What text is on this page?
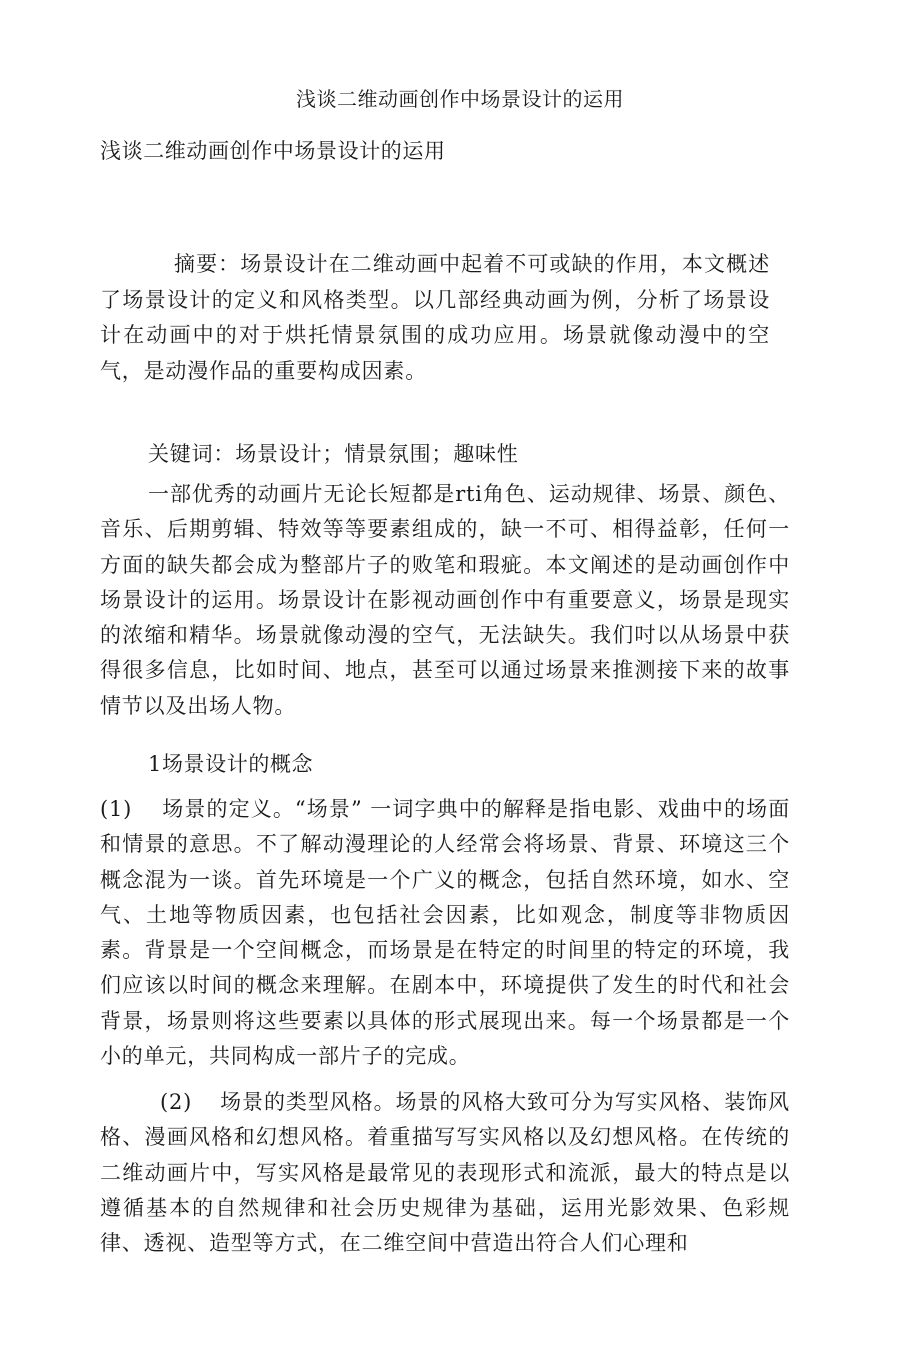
浅谈二维动画创作中场景设计的运用
浅谈二维动画创作中场景设计的运用

摘要：场景设计在二维动画中起着不可或缺的作用，本文概述了场景设计的定义和风格类型。以几部经典动画为例，分析了场景设计在动画中的对于烘托情景氛围的成功应用。场景就像动漫中的空气，是动漫作品的重要构成因素。

关键词：场景设计；情景氛围；趣味性

一部优秀的动画片无论长短都是rti角色、运动规律、场景、颜色、音乐、后期剪辑、特效等等要素组成的，缺一不可、相得益彰，任何一方面的缺失都会成为整部片子的败笔和瑕疵。本文阐述的是动画创作中场景设计的运用。场景设计在影视动画创作中有重要意义，场景是现实的浓缩和精华。场景就像动漫的空气，无法缺失。我们吋以从场景中获得很多信息，比如时间、地点，甚至可以通过场景来推测接下来的故事情节以及出场人物。

1场景设计的概念

(1) 场景的定义。“场景” 一词字典中的解释是指电影、戏曲中的场面和情景的意思。不了解动漫理论的人经常会将场景、背景、环境这三个概念混为一谈。首先环境是一个广义的概念，包括自然环境，如水、空气、土地等物质因素，也包括社会因素，比如观念，制度等非物质因素。背景是一个空间概念，而场景是在特定的时间里的特定的环境，我们应该以时间的概念来理解。在剧本中，环境提供了发生的时代和社会背景，场景则将这些要素以具体的形式展现出来。每一个场景都是一个小的单元，共同构成一部片子的完成。

(2) 场景的类型风格。场景的风格大致可分为写实风格、装饰风格、漫画风格和幻想风格。着重描写写实风格以及幻想风格。在传统的二维动画片中，写实风格是最常见的表现形式和流派，最大的特点是以遵循基本的自然规律和社会历史规律为基础，运用光影效果、色彩规律、透视、造型等方式，在二维空间中营造出符合人们心理和
